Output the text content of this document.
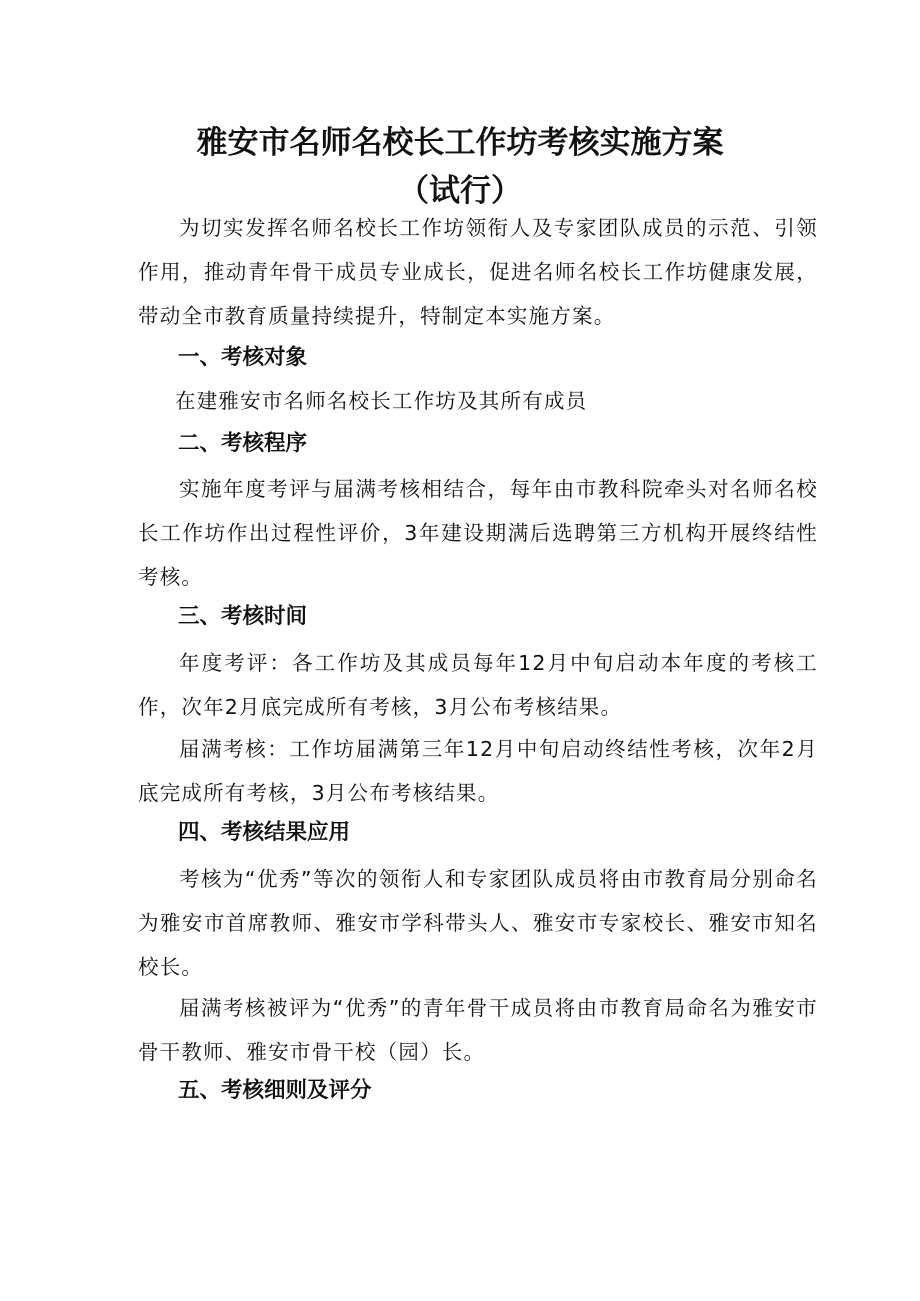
雅安市名师名校长工作坊考核实施方案
（试行）

为切实发挥名师名校长工作坊领衔人及专家团队成员的示范、引领作用，推动青年骨干成员专业成长，促进名师名校长工作坊健康发展，带动全市教育质量持续提升，特制定本实施方案。

一、考核对象

在建雅安市名师名校长工作坊及其所有成员

二、考核程序

实施年度考评与届满考核相结合，每年由市教科院牵头对名师名校长工作坊作出过程性评价，3年建设期满后选聘第三方机构开展终结性考核。

三、考核时间

年度考评：各工作坊及其成员每年12月中旬启动本年度的考核工作，次年2月底完成所有考核，3月公布考核结果。

届满考核：工作坊届满第三年12月中旬启动终结性考核，次年2月底完成所有考核，3月公布考核结果。

四、考核结果应用

考核为“优秀”等次的领衔人和专家团队成员将由市教育局分别命名为雅安市首席教师、雅安市学科带头人、雅安市专家校长、雅安市知名校长。

届满考核被评为“优秀”的青年骨干成员将由市教育局命名为雅安市骨干教师、雅安市骨干校（园）长。

五、考核细则及评分
